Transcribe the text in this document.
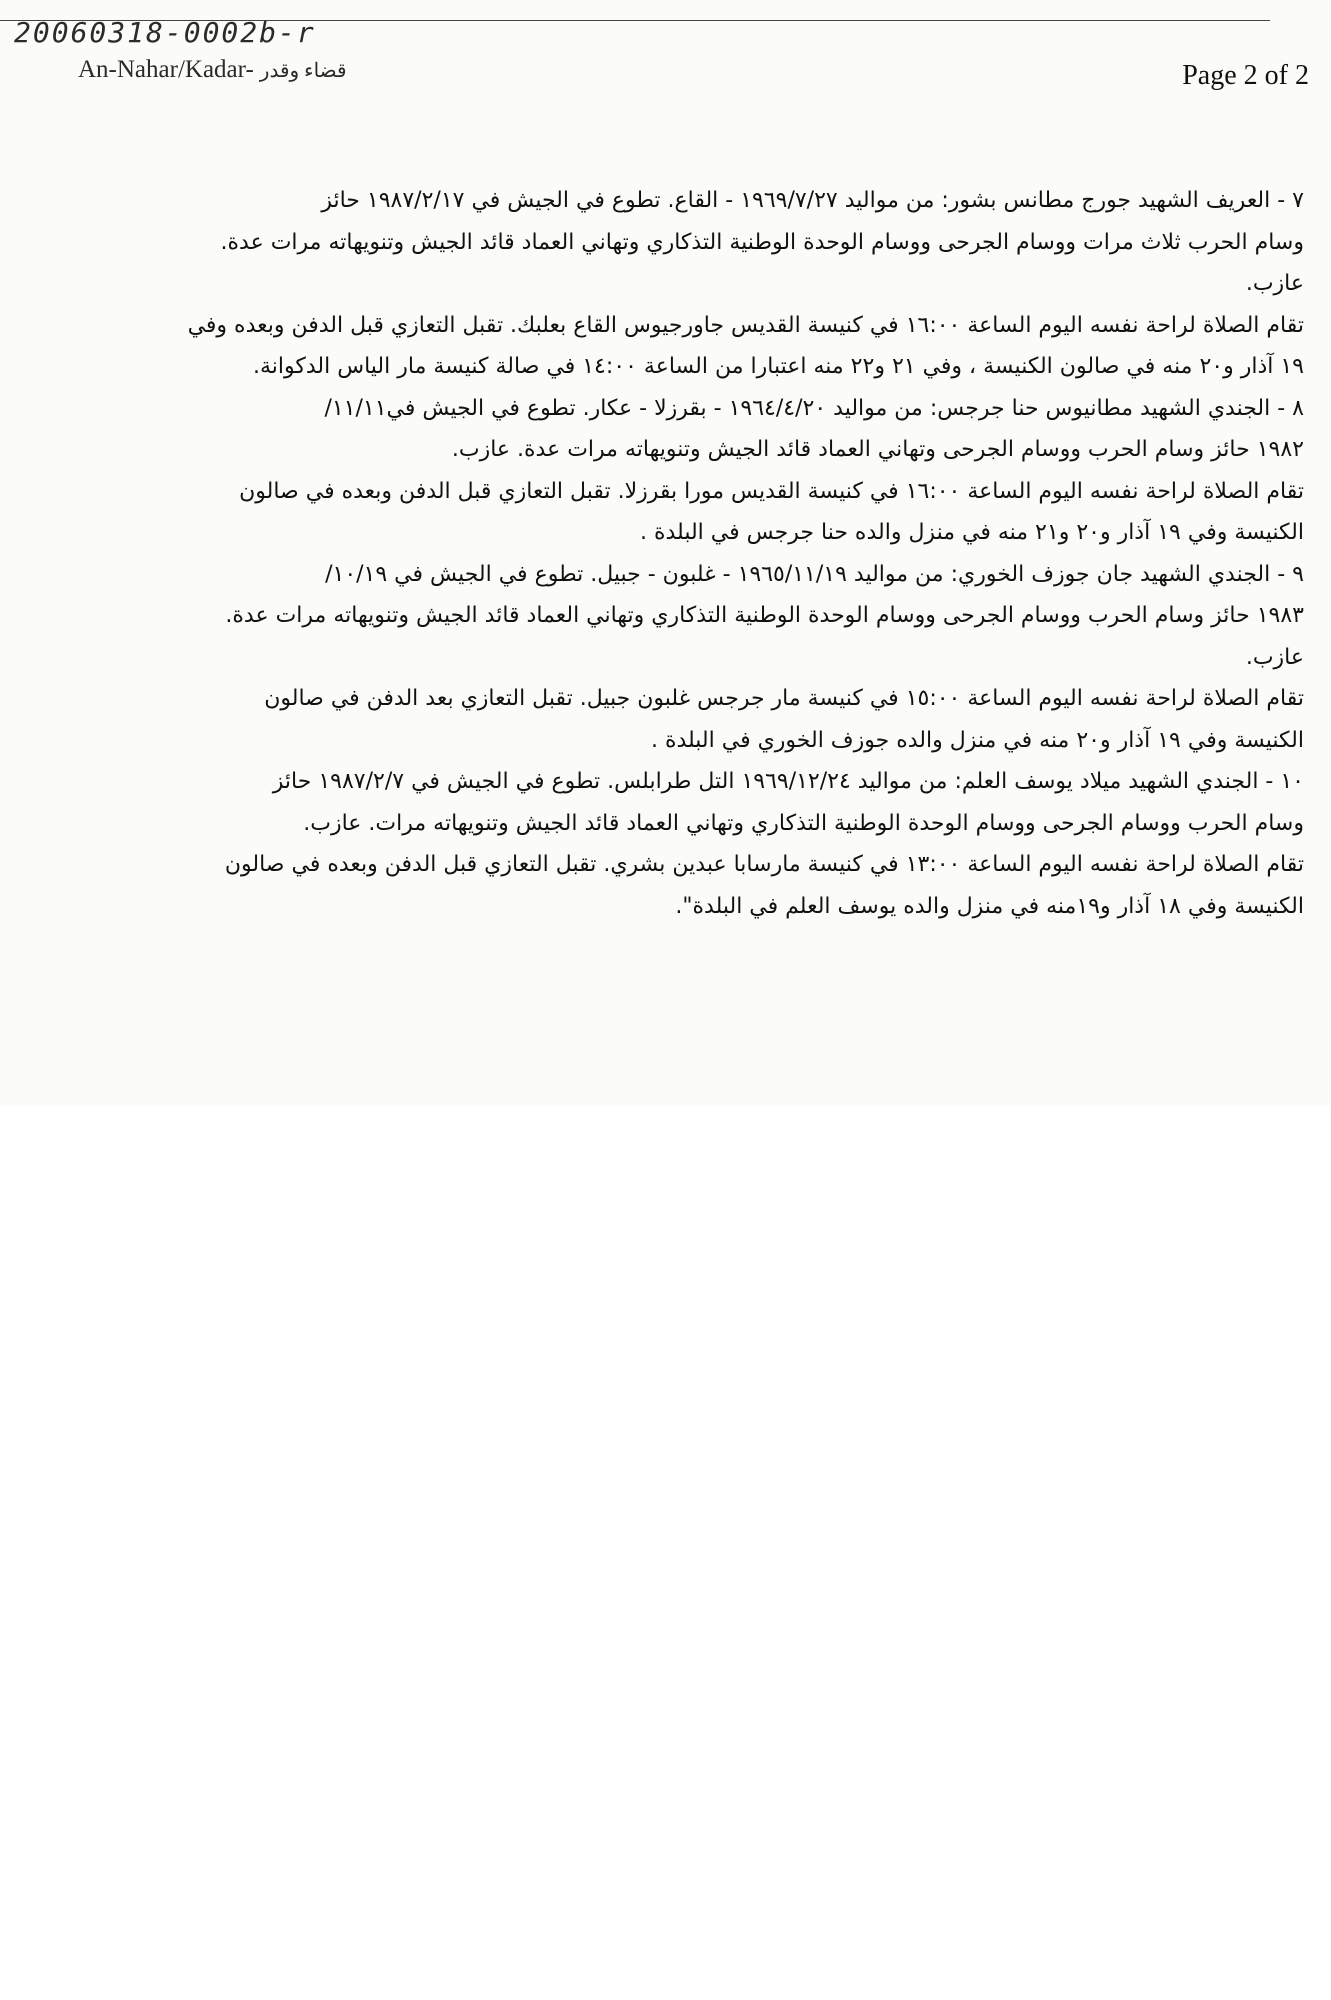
20060318-0002b-r
An-Nahar/Kadar- قضاء وقدر	Page 2 of 2
٧ - العريف الشهيد جورج مطانس بشور: من مواليد ١٩٦٩/٧/٢٧ - القاع. تطوع في الجيش في ١٩٨٧/٢/١٧ حائز
وسام الحرب ثلاث مرات ووسام الجرحى ووسام الوحدة الوطنية التذكاري وتهاني العماد قائد الجيش وتنويهاته مرات عدة.
عازب.
تقام الصلاة لراحة نفسه اليوم الساعة ١٦:٠٠ في كنيسة القديس جاورجيوس القاع بعلبك. تقبل التعازي قبل الدفن وبعده وفي
١٩ آذار و٢٠ منه في صالون الكنيسة ، وفي ٢١ و٢٢ منه اعتبارا من الساعة ١٤:٠٠ في صالة كنيسة مار الياس الدكوانة.
٨ - الجندي الشهيد مطانيوس حنا جرجس: من مواليد ١٩٦٤/٤/٢٠ - بقرزلا - عكار. تطوع في الجيش في١١/١١/
١٩٨٢ حائز وسام الحرب ووسام الجرحى وتهاني العماد قائد الجيش وتنويهاته مرات عدة. عازب.
تقام الصلاة لراحة نفسه اليوم الساعة ١٦:٠٠ في كنيسة القديس مورا بقرزلا. تقبل التعازي قبل الدفن وبعده في صالون
الكنيسة وفي ١٩ آذار و٢٠ و٢١ منه في منزل والده حنا جرجس في البلدة .
٩ - الجندي الشهيد جان جوزف الخوري: من مواليد ١٩٦٥/١١/١٩ - غلبون - جبيل. تطوع في الجيش في ١٠/١٩/
١٩٨٣ حائز وسام الحرب ووسام الجرحى ووسام الوحدة الوطنية التذكاري وتهاني العماد قائد الجيش وتنويهاته مرات عدة.
عازب.
تقام الصلاة لراحة نفسه اليوم الساعة ١٥:٠٠ في كنيسة مار جرجس غلبون جبيل. تقبل التعازي بعد الدفن في صالون
الكنيسة وفي ١٩ آذار و٢٠ منه في منزل والده جوزف الخوري في البلدة .
١٠ - الجندي الشهيد ميلاد يوسف العلم: من مواليد ١٩٦٩/١٢/٢٤ التل طرابلس. تطوع في الجيش في ١٩٨٧/٢/٧ حائز
وسام الحرب ووسام الجرحى ووسام الوحدة الوطنية التذكاري وتهاني العماد قائد الجيش وتنويهاته مرات. عازب.
تقام الصلاة لراحة نفسه اليوم الساعة ١٣:٠٠ في كنيسة مارسابا عبدين بشري. تقبل التعازي قبل الدفن وبعده في صالون
الكنيسة وفي ١٨ آذار و١٩منه في منزل والده يوسف العلم في البلدة".
